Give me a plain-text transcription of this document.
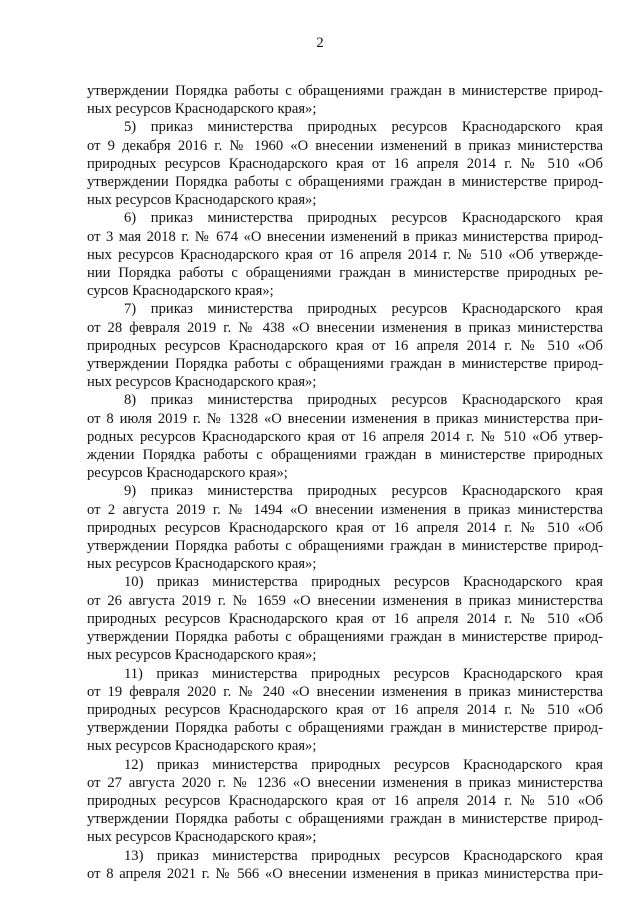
2
утверждении Порядка работы с обращениями граждан в министерстве природ-
ных ресурсов Краснодарского края»;
5) приказ министерства природных ресурсов Краснодарского края
от 9 декабря 2016 г. № 1960 «О внесении изменений в приказ министерства
природных ресурсов Краснодарского края от 16 апреля 2014 г. № 510 «Об
утверждении Порядка работы с обращениями граждан в министерстве природ-
ных ресурсов Краснодарского края»;
6) приказ министерства природных ресурсов Краснодарского края
от 3 мая 2018 г. № 674 «О внесении изменений в приказ министерства природ-
ных ресурсов Краснодарского края от 16 апреля 2014 г. № 510 «Об утвержде-
нии Порядка работы с обращениями граждан в министерстве природных ре-
сурсов Краснодарского края»;
7) приказ министерства природных ресурсов Краснодарского края
от 28 февраля 2019 г. № 438 «О внесении изменения в приказ министерства
природных ресурсов Краснодарского края от 16 апреля 2014 г. № 510 «Об
утверждении Порядка работы с обращениями граждан в министерстве природ-
ных ресурсов Краснодарского края»;
8) приказ министерства природных ресурсов Краснодарского края
от 8 июля 2019 г. № 1328 «О внесении изменения в приказ министерства при-
родных ресурсов Краснодарского края от 16 апреля 2014 г. № 510 «Об утвер-
ждении Порядка работы с обращениями граждан в министерстве природных
ресурсов Краснодарского края»;
9) приказ министерства природных ресурсов Краснодарского края
от 2 августа 2019 г. № 1494 «О внесении изменения в приказ министерства
природных ресурсов Краснодарского края от 16 апреля 2014 г. № 510 «Об
утверждении Порядка работы с обращениями граждан в министерстве природ-
ных ресурсов Краснодарского края»;
10) приказ министерства природных ресурсов Краснодарского края
от 26 августа 2019 г. № 1659 «О внесении изменения в приказ министерства
природных ресурсов Краснодарского края от 16 апреля 2014 г. № 510 «Об
утверждении Порядка работы с обращениями граждан в министерстве природ-
ных ресурсов Краснодарского края»;
11) приказ министерства природных ресурсов Краснодарского края
от 19 февраля 2020 г. № 240 «О внесении изменения в приказ министерства
природных ресурсов Краснодарского края от 16 апреля 2014 г. № 510 «Об
утверждении Порядка работы с обращениями граждан в министерстве природ-
ных ресурсов Краснодарского края»;
12) приказ министерства природных ресурсов Краснодарского края
от 27 августа 2020 г. № 1236 «О внесении изменения в приказ министерства
природных ресурсов Краснодарского края от 16 апреля 2014 г. № 510 «Об
утверждении Порядка работы с обращениями граждан в министерстве природ-
ных ресурсов Краснодарского края»;
13) приказ министерства природных ресурсов Краснодарского края
от 8 апреля 2021 г. № 566 «О внесении изменения в приказ министерства при-
